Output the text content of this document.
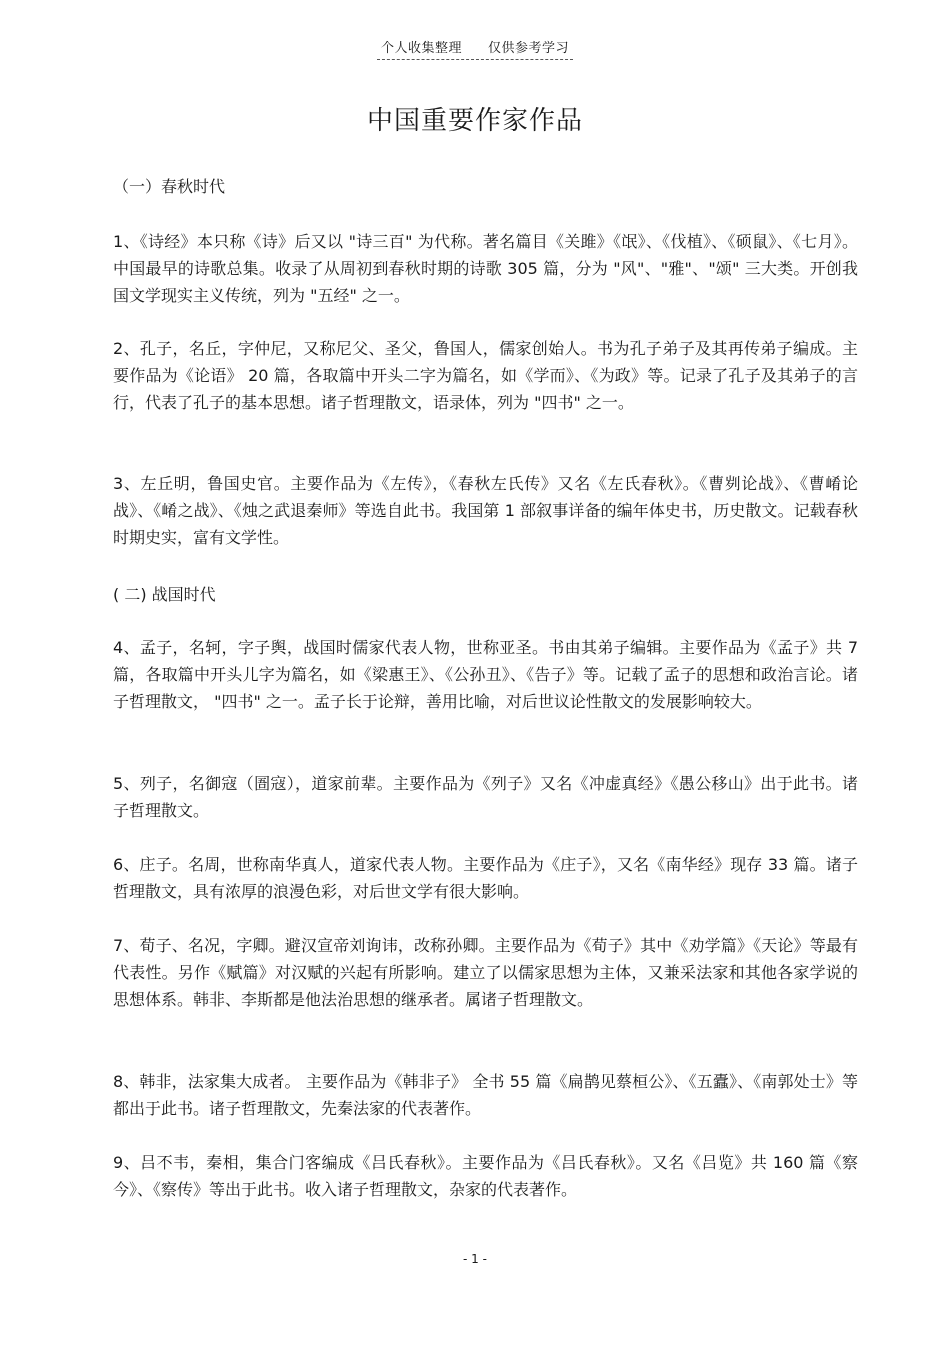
个人收集整理 仅供参考学习
中国重要作家作品
（一）春秋时代
1、《诗经》本只称《诗》后又以 "诗三百" 为代称。著名篇目《关雎》《氓》、《伐植》、《硕鼠》、《七月》。中国最早的诗歌总集。收录了从周初到春秋时期的诗歌 305 篇，分为 "风"、"雅"、"颂" 三大类。开创我国文学现实主义传统，列为 "五经" 之一。
2、孔子，名丘，字仲尼，又称尼父、圣父，鲁国人，儒家创始人。书为孔子弟子及其再传弟子编成。主要作品为《论语》 20 篇，各取篇中开头二字为篇名，如《学而》、《为政》等。记录了孔子及其弟子的言行，代表了孔子的基本思想。诸子哲理散文，语录体，列为 "四书" 之一。
3、左丘明，鲁国史官。主要作品为《左传》，《春秋左氏传》又名《左氏春秋》。《曹刿论战》、《曹崤论战》、《崤之战》、《烛之武退秦师》等选自此书。我国第 1 部叙事详备的编年体史书，历史散文。记载春秋时期史实，富有文学性。
( 二) 战国时代
4、孟子，名轲，字子舆，战国时儒家代表人物，世称亚圣。书由其弟子编辑。主要作品为《孟子》共 7 篇，各取篇中开头儿字为篇名，如《梁惠王》、《公孙丑》、《告子》等。记载了孟子的思想和政治言论。诸子哲理散文， "四书" 之一。孟子长于论辩，善用比喻，对后世议论性散文的发展影响较大。
5、列子，名御寇（圄寇），道家前辈。主要作品为《列子》又名《冲虚真经》《愚公移山》出于此书。诸子哲理散文。
6、庄子。名周，世称南华真人，道家代表人物。主要作品为《庄子》，又名《南华经》现存 33 篇。诸子哲理散文，具有浓厚的浪漫色彩，对后世文学有很大影响。
7、荀子、名况，字卿。避汉宣帝刘询讳，改称孙卿。主要作品为《荀子》其中《劝学篇》《天论》等最有代表性。另作《赋篇》对汉赋的兴起有所影响。建立了以儒家思想为主体，又兼采法家和其他各家学说的思想体系。韩非、李斯都是他法治思想的继承者。属诸子哲理散文。
8、韩非，法家集大成者。 主要作品为《韩非子》 全书 55 篇《扁鹊见蔡桓公》、《五蠹》、《南郭处士》等都出于此书。诸子哲理散文，先秦法家的代表著作。
9、吕不韦，秦相，集合门客编成《吕氏春秋》。主要作品为《吕氏春秋》。又名《吕览》共 160 篇《察今》、《察传》等出于此书。收入诸子哲理散文，杂家的代表著作。
- 1 -
